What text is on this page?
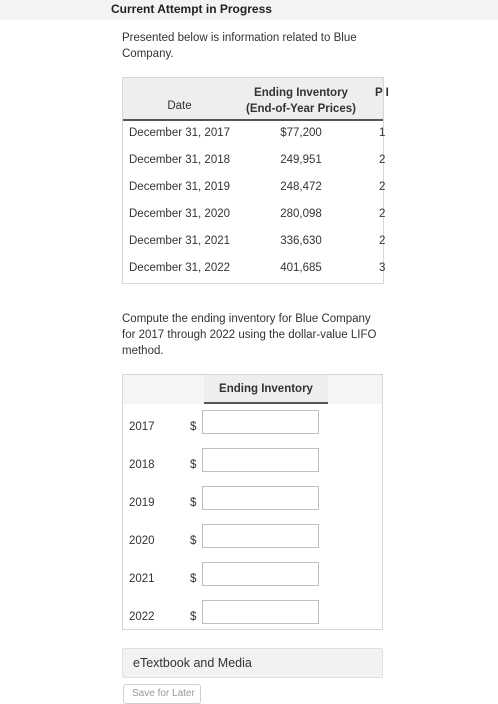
Current Attempt in Progress

Presented below is information related to Blue Company.

Date
Ending Inventory (End-of-Year Prices)
P I
December 31, 2017	$77,200	1
December 31, 2018	249,951	2
December 31, 2019	248,472	2
December 31, 2020	280,098	2
December 31, 2021	336,630	2
December 31, 2022	401,685	3

Compute the ending inventory for Blue Company for 2017 through 2022 using the dollar-value LIFO method.

Ending Inventory
2017	$
2018	$
2019	$
2020	$
2021	$
2022	$
eTextbook and Media
Save for Later
